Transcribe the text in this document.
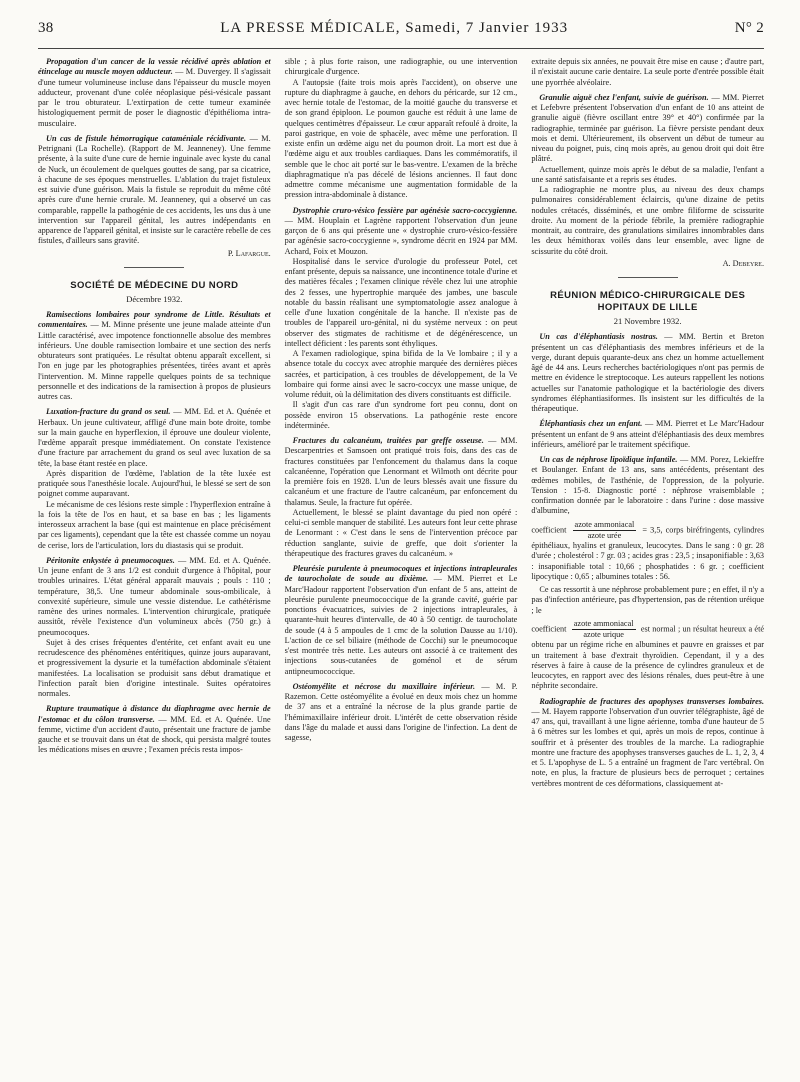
38	LA PRESSE MÉDICALE, Samedi, 7 Janvier 1933	N° 2

Propagation d'un cancer de la vessie récidivé après ablation et étincelage au muscle moyen adducteur. — M. Duvergey. Il s'agissait d'une tumeur volumineuse incluse dans l'épaisseur du muscle moyen adducteur, provenant d'une colée néoplasique pési-vésicale passant par le trou obturateur. L'extirpation de cette tumeur examinée histologiquement permit de poser le diagnostic d'épithélioma intra-musculaire.

Un cas de fistule hémorragique cataméniale récidivante. — M. Petrignani (La Rochelle). (Rapport de M. Jeanneney). Une femme présente, à la suite d'une cure de hernie inguinale avec kyste du canal de Nuck, un écoulement de quelques gouttes de sang, par sa cicatrice, à chacune de ses époques menstruelles. L'ablation du trajet fistuleux est suivie d'une guérison. Mais la fistule se reproduit du même côté après cure d'une hernie crurale. M. Jeanneney, qui a observé un cas comparable, rappelle la pathogénie de ces accidents, les uns dus à une intervention sur l'appareil génital, les autres indépendants en apparence de l'appareil génital, et insiste sur le caractère rebelle de ces fistules, d'ailleurs sans gravité.

P. Lafargue.
SOCIÉTÉ DE MÉDECINE DU NORD
Décembre 1932.

Ramisections lombaires pour syndrome de Little. Résultats et commentaires. — M. Minne présente une jeune malade atteinte d'un Little caractérisé, avec impotence fonctionnelle absolue des membres inférieurs. Une double ramisection lombaire et une section des nerfs obturateurs sont pratiquées. Le résultat obtenu apparaît excellent, si l'on en juge par les photographies présentées, tirées avant et après l'intervention. M. Minne rappelle quelques points de sa technique personnelle et des indications de la ramisection à propos de plusieurs autres cas.

Luxation-fracture du grand os seul. — MM. Ed. et A. Quénée et Herbaux. Un jeune cultivateur, affligé d'une main bote droite, tombe sur la main gauche en hyperflexion, il éprouve une douleur violente, l'œdème apparaît presque immédiatement. On constate l'existence d'une fracture par arrachement du grand os seul avec luxation de sa tête, la base étant restée en place.

Après disparition de l'œdème, l'ablation de la tête luxée est pratiquée sous l'anesthésie locale. Aujourd'hui, le blessé se sert de son poignet comme auparavant.

Le mécanisme de ces lésions reste simple : l'hyperflexion entraîne à la fois la tête de l'os en haut, et sa base en bas ; les ligaments interosseux arrachent la base (qui est maintenue en place précisément par ces ligaments), cependant que la tête est chassée comme un noyau de cerise, lors de l'articulation, lors du diastasis qui se produit.

Péritonite enkystée à pneumocoques. — MM. Ed. et A. Quénée. Un jeune enfant de 3 ans 1/2 est conduit d'urgence à l'hôpital, pour troubles urinaires. L'état général apparaît mauvais ; pouls : 110 ; température, 38,5. Une tumeur abdominale sous-ombilicale, à convexité supérieure, simule une vessie distendue. Le cathétérisme ramène des urines normales. L'intervention chirurgicale, pratiquée aussitôt, révèle l'existence d'un volumineux abcès (750 gr.) à pneumocoques.

Sujet à des crises fréquentes d'entérite, cet enfant avait eu une recrudescence des phénomènes entéritiques, quinze jours auparavant, et progressivement la dysurie et la tuméfaction abdominale s'étaient manifestées. La localisation se produisit sans début dramatique et l'infection paraît bien d'origine intestinale. Suites opératoires normales.

Rupture traumatique à distance du diaphragme avec hernie de l'estomac et du côlon transverse. — MM. Ed. et A. Quénée. Une femme, victime d'un accident d'auto, présentait une fracture de jambe gauche et se trouvait dans un état de shock, qui persista malgré toutes les médications mises en œuvre ; l'examen précis resta impos-

sible ; à plus forte raison, une radiographie, ou une intervention chirurgicale d'urgence.

A l'autopsie (faite trois mois après l'accident), on observe une rupture du diaphragme à gauche, en dehors du péricarde, sur 12 cm., avec hernie totale de l'estomac, de la moitié gauche du transverse et de son grand épiploon. Le poumon gauche est réduit à une lame de quelques centimètres d'épaisseur. Le cœur apparaît refoulé à droite, la paroi gastrique, en voie de sphacèle, avec même une perforation. Il existe enfin un œdème aigu net du poumon droit. La mort est due à l'œdème aigu et aux troubles cardiaques. Dans les commémoratifs, il semble que le choc ait porté sur le bas-ventre. L'examen de la brèche diaphragmatique n'a pas décelé de lésions anciennes. Il faut donc admettre comme mécanisme une augmentation formidable de la pression intra-abdominale à distance.

Dystrophie cruro-vésico fessière par agénésie sacro-coccygienne. — MM. Houplain et Lagrène rapportent l'observation d'un jeune garçon de 6 ans qui présente une « dystrophie cruro-vésico-fessière par agénésie sacro-coccygienne », syndrome décrit en 1924 par MM. Achard, Foix et Mouzon.

Hospitalisé dans le service d'urologie du professeur Potel, cet enfant présente, depuis sa naissance, une incontinence totale d'urine et des matières fécales ; l'examen clinique révèle chez lui une atrophie des 2 fesses, une hypertrophie marquée des jambes, une bascule notable du bassin réalisant une symptomatologie assez analogue à celle d'une luxation congénitale de la hanche. Il n'existe pas de troubles de l'appareil uro-génital, ni du système nerveux : on peut observer des stigmates de rachitisme et de dégénérescence, un intellect déficient : les parents sont éthyliques.

A l'examen radiologique, spina bifida de la Ve lombaire ; il y a absence totale du coccyx avec atrophie marquée des dernières pièces sacrées, et participation, à ces troubles de développement, de la Ve lombaire qui forme ainsi avec le sacro-coccyx une masse unique, de volume réduit, où la délimitation des divers constituants est difficile.

Il s'agit d'un cas rare d'un syndrome fort peu connu, dont on possède environ 15 observations. La pathogénie reste encore indéterminée.

Fractures du calcanéum, traitées par greffe osseuse. — MM. Descarpentries et Samsoen ont pratiqué trois fois, dans des cas de fractures constituées par l'enfoncement du thalamus dans la coque calcanéenne, l'opération que Lenormant et Wilmoth ont décrite pour la première fois en 1928. L'un de leurs blessés avait une fissure du calcanéum et une fracture de l'autre calcanéum, par enfoncement du thalamus. Seule, la fracture fut opérée.

Actuellement, le blessé se plaint davantage du pied non opéré : celui-ci semble manquer de stabilité. Les auteurs font leur cette phrase de Lenormant : « C'est dans le sens de l'intervention précoce par réduction sanglante, suivie de greffe, que doit s'orienter la thérapeutique des fractures graves du calcanéum. »

Pleurésie purulente à pneumocoques et injections intrapleurales de taurocholate de soude au dixième. — MM. Pierret et Le Marc'Hadour rapportent l'observation d'un enfant de 5 ans, atteint de pleurésie purulente pneumococcique de la grande cavité, guérie par ponctions évacuatrices, suivies de 2 injections intrapleurales, à quarante-huit heures d'intervalle, de 40 à 50 centigr. de taurocholate de soude (4 à 5 ampoules de 1 cmc de la solution Dausse au 1/10). L'action de ce sel biliaire (méthode de Cocchi) sur le pneumocoque s'est montrée très nette. Les auteurs ont associé à ce traitement des injections sous-cutanées de goménol et de sérum antipneumococcique.

Ostéomyélite et nécrose du maxillaire inférieur. — M. P. Razemon. Cette ostéomyélite a évolué en deux mois chez un homme de 37 ans et a entraîné la nécrose de la plus grande partie de l'hémimaxillaire inférieur droit. L'intérêt de cette observation réside dans l'âge du malade et aussi dans l'origine de l'infection. La dent de sagesse,

extraite depuis six années, ne pouvait être mise en cause ; d'autre part, il n'existait aucune carie dentaire. La seule porte d'entrée possible était une pyorrhée alvéolaire.

Granulie aiguë chez l'enfant, suivie de guérison. — MM. Pierret et Lefebvre présentent l'observation d'un enfant de 10 ans atteint de granulie aiguë (fièvre oscillant entre 39° et 40°) confirmée par la radiographie, terminée par guérison. La fièvre persiste pendant deux mois et demi. Ultérieurement, ils observent un début de tumeur au niveau du poignet, puis, cinq mois après, au genou droit qui doit être plâtré.

Actuellement, quinze mois après le début de sa maladie, l'enfant a une santé satisfaisante et a repris ses études.

La radiographie ne montre plus, au niveau des deux champs pulmonaires considérablement éclaircis, qu'une dizaine de petits nodules crétacés, disséminés, et une ombre filiforme de scissurite droite. Au moment de la période fébrile, la première radiographie montrait, au contraire, des granulations similaires innombrables dans les deux hémithorax voilés dans leur ensemble, avec ligne de scissurite du côté droit.

A. Debeyre.
RÉUNION MÉDICO-CHIRURGICALE DES HOPITAUX DE LILLE
21 Novembre 1932.

Un cas d'éléphantiasis nostras. — MM. Bertin et Breton présentent un cas d'éléphantiasis des membres inférieurs et de la verge, durant depuis quarante-deux ans chez un homme actuellement âgé de 44 ans. Leurs recherches bactériologiques n'ont pas permis de mettre en évidence le streptocoque. Les auteurs rappellent les notions actuelles sur l'anatomie pathologique et la bactériologie des divers syndromes éléphantiasiformes. Ils insistent sur les difficultés de la thérapeutique.

Éléphantiasis chez un enfant. — MM. Pierret et Le Marc'Hadour présentent un enfant de 9 ans atteint d'éléphantiasis des deux membres inférieurs, amélioré par le traitement spécifique.

Un cas de néphrose lipoïdique infantile. — MM. Porez, Lekieffre et Boulanger. Enfant de 13 ans, sans antécédents, présentant des œdèmes mobiles, de l'asthénie, de l'oppression, de la polyurie. Tension : 15-8. Diagnostic porté : néphrose vraisemblable ; confirmation donnée par le laboratoire : dans l'urine : dose massive d'albumine,

coefficient $\frac{\text{azote ammoniacal}}{\text{azote urée}} = 3,5$, corps biréfringents, cylindres épithéliaux, hyalins et granuleux, leucocytes. Dans le sang : 0 gr. 28 d'urée ; cholestérol : 7 gr. 03 ; acides gras : 23,5 ; insaponifiable : 3,63 : insaponifiable total : 10,66 ; phosphatides : 6 gr. ; coefficient lipocytique : 0,65 ; albumines totales : 56.

Ce cas ressortit à une néphrose probablement pure ; en effet, il n'y a pas d'infection antérieure, pas d'hypertension, pas de rétention uréique ; le

coefficient $\frac{\text{azote ammoniacal}}{\text{azote urique}}$ est normal ; un résultat heureux a été obtenu par un régime riche en albumines et pauvre en graisses et par un traitement à base d'extrait thyroïdien. Cependant, il y a des réserves à faire à cause de la présence de cylindres granuleux et de leucocytes, en rapport avec des lésions rénales, dues peut-être à une néphrite secondaire.

Radiographie de fractures des apophyses transverses lombaires. — M. Hayem rapporte l'observation d'un ouvrier télégraphiste, âgé de 47 ans, qui, travaillant à une ligne aérienne, tomba d'une hauteur de 5 à 6 mètres sur les lombes et qui, après un mois de repos, continue à souffrir et à présenter des troubles de la marche. La radiographie montre une fracture des apophyses transverses gauches de L. 1, 2, 3, 4 et 5. L'apophyse de L. 5 a entraîné un fragment de l'arc vertébral. On note, en plus, la fracture de plusieurs becs de perroquet ; certaines vertèbres montrent de ces déformations, classiquement at-
